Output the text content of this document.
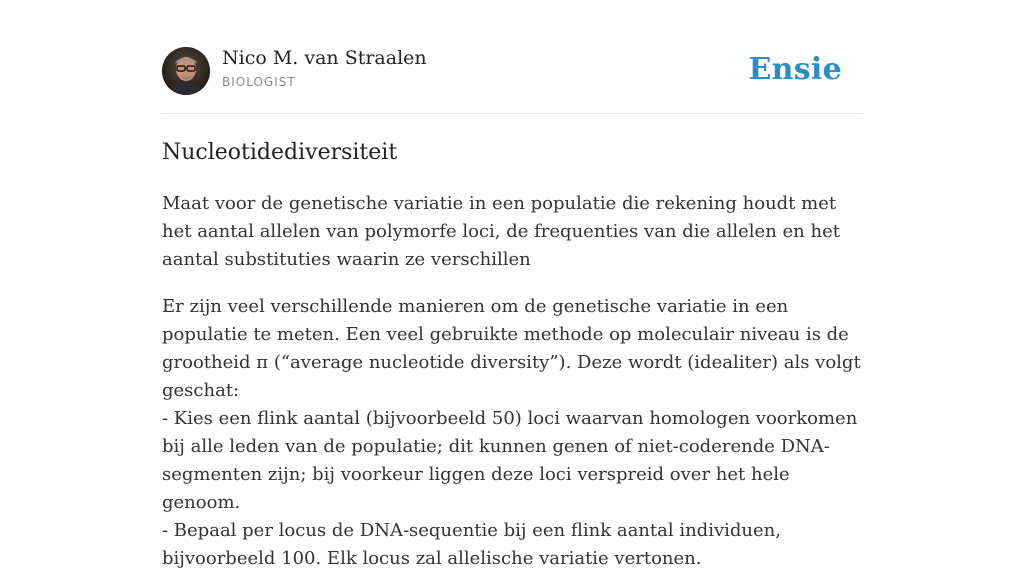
Nico M. van Straalen
BIOLOGIST	Ensie
Nucleotidediversiteit

Maat voor de genetische variatie in een populatie die rekening houdt met het aantal allelen van polymorfe loci, de frequenties van die allelen en het aantal substituties waarin ze verschillen

Er zijn veel verschillende manieren om de genetische variatie in een populatie te meten. Een veel gebruikte methode op moleculair niveau is de grootheid π (“average nucleotide diversity”). Deze wordt (idealiter) als volgt geschat:
- Kies een flink aantal (bijvoorbeeld 50) loci waarvan homologen voorkomen bij alle leden van de populatie; dit kunnen genen of niet-coderende DNA-segmenten zijn; bij voorkeur liggen deze loci verspreid over het hele genoom.
- Bepaal per locus de DNA-sequentie bij een flink aantal individuen, bijvoorbeeld 100. Elk locus zal allelische variatie vertonen.
